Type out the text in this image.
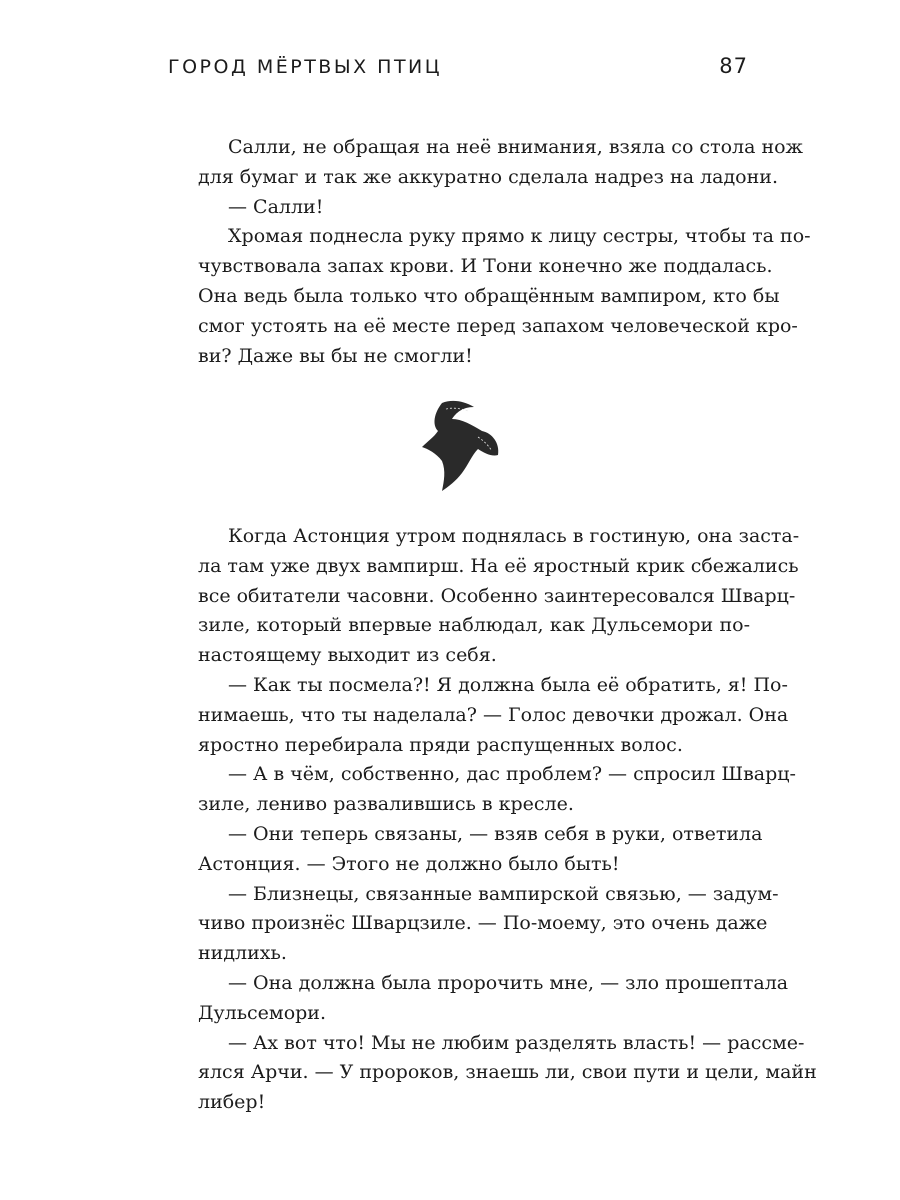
ГОРОД МЁРТВЫХ ПТИЦ	87
Салли, не обращая на неё внимания, взяла со стола нож
для бумаг и так же аккуратно сделала надрез на ладони.
— Салли!
Хромая поднесла руку прямо к лицу сестры, чтобы та по-
чувствовала запах крови. И Тони конечно же поддалась.
Она ведь была только что обращённым вампиром, кто бы
смог устоять на её месте перед запахом человеческой кро-
ви? Даже вы бы не смогли!
Когда Астонция утром поднялась в гостиную, она заста-
ла там уже двух вампирш. На её яростный крик сбежались
все обитатели часовни. Особенно заинтересовался Шварц-
зиле, который впервые наблюдал, как Дульсемори по-
настоящему выходит из себя.
— Как ты посмела?! Я должна была её обратить, я! По-
нимаешь, что ты наделала? — Голос девочки дрожал. Она
яростно перебирала пряди распущенных волос.
— А в чём, собственно, дас проблем? — спросил Шварц-
зиле, лениво развалившись в кресле.
— Они теперь связаны, — взяв себя в руки, ответила
Астонция. — Этого не должно было быть!
— Близнецы, связанные вампирской связью, — задум-
чиво произнёс Шварцзиле. — По-моему, это очень даже
нидлихь.
— Она должна была пророчить мне, — зло прошептала
Дульсемори.
— Ах вот что! Мы не любим разделять власть! — рассме-
ялся Арчи. — У пророков, знаешь ли, свои пути и цели, майн
либер!
